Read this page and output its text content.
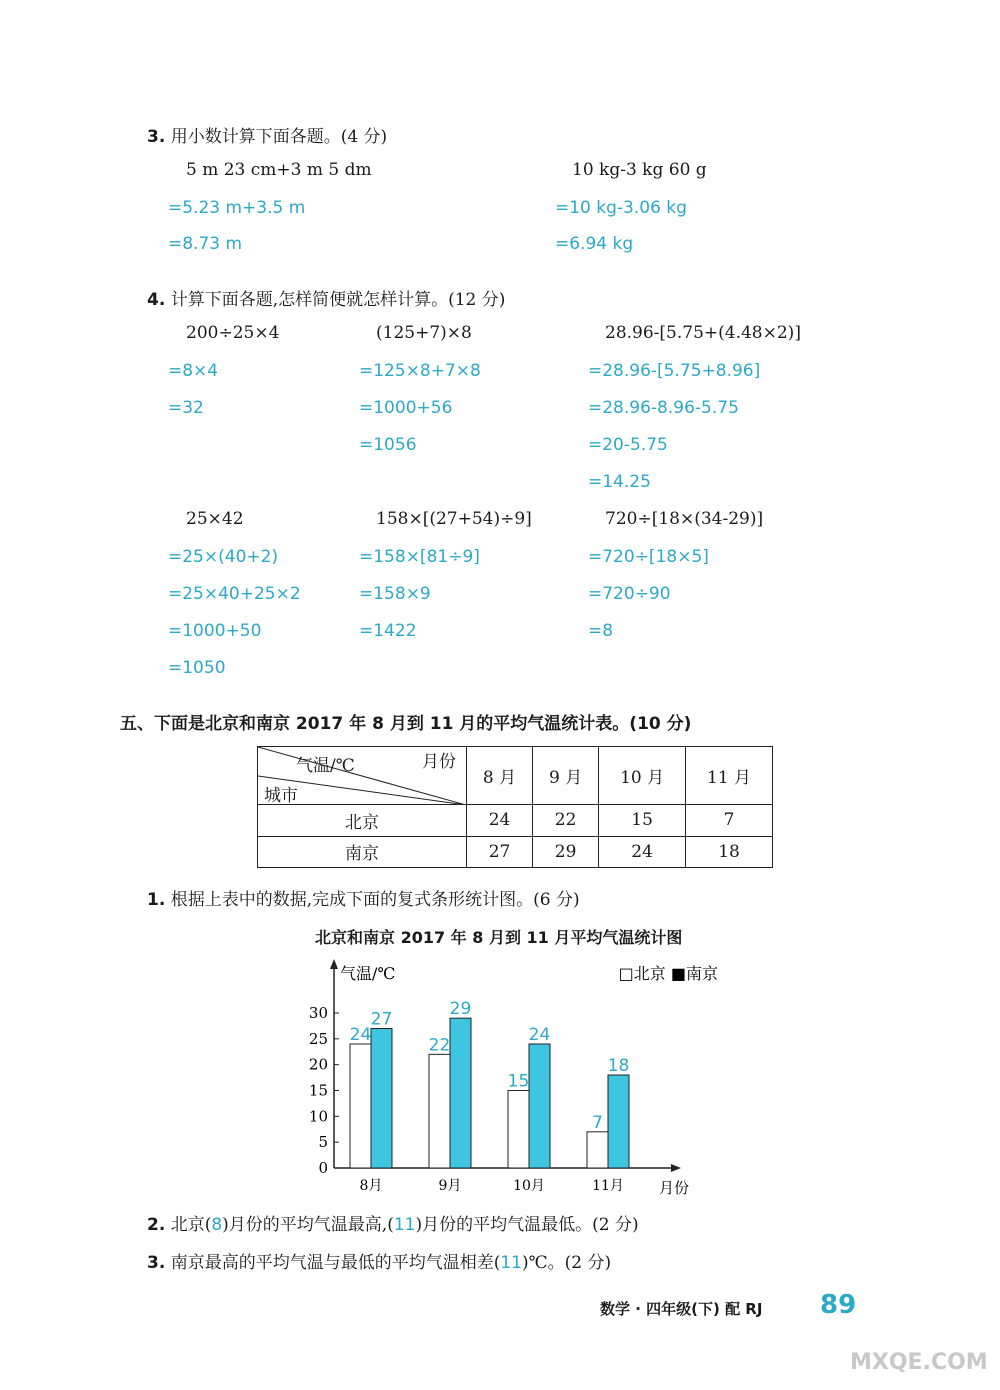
3. 用小数计算下面各题。(4 分)
5 m 23 cm+3 m 5 dm
=5.23 m+3.5 m
=8.73 m
10 kg-3 kg 60 g
=10 kg-3.06 kg
=6.94 kg
4. 计算下面各题,怎样简便就怎样计算。(12 分)
200÷25×4
=8×4
=32
(125+7)×8
=125×8+7×8
=1000+56
=1056
28.96-[5.75+(4.48×2)]
=28.96-[5.75+8.96]
=28.96-8.96-5.75
=20-5.75
=14.25
25×42
=25×(40+2)
=25×40+25×2
=1000+50
=1050
158×[(27+54)÷9]
=158×[81÷9]
=158×9
=1422
720÷[18×(34-29)]
=720÷[18×5]
=720÷90
=8
五、下面是北京和南京 2017 年 8 月到 11 月的平均气温统计表。(10 分)
气温/℃ 月份
城市	8 月	9 月	10 月	11 月
北京	24	22	15	7
南京	27	29	24	18
1. 根据上表中的数据,完成下面的复式条形统计图。(6 分)
北京和南京 2017 年 8 月到 11 月平均气温统计图
气温/℃
月份
0
5
10
15
20
25
30
□北京 ■南京
24
27
8月
22
29
9月
15
24
10月
7
18
11月
2. 北京(8)月份的平均气温最高,(11)月份的平均气温最低。(2 分)
3. 南京最高的平均气温与最低的平均气温相差(11)℃。(2 分)
数学 · 四年级(下) 配 RJ 89
MXQE.COM
